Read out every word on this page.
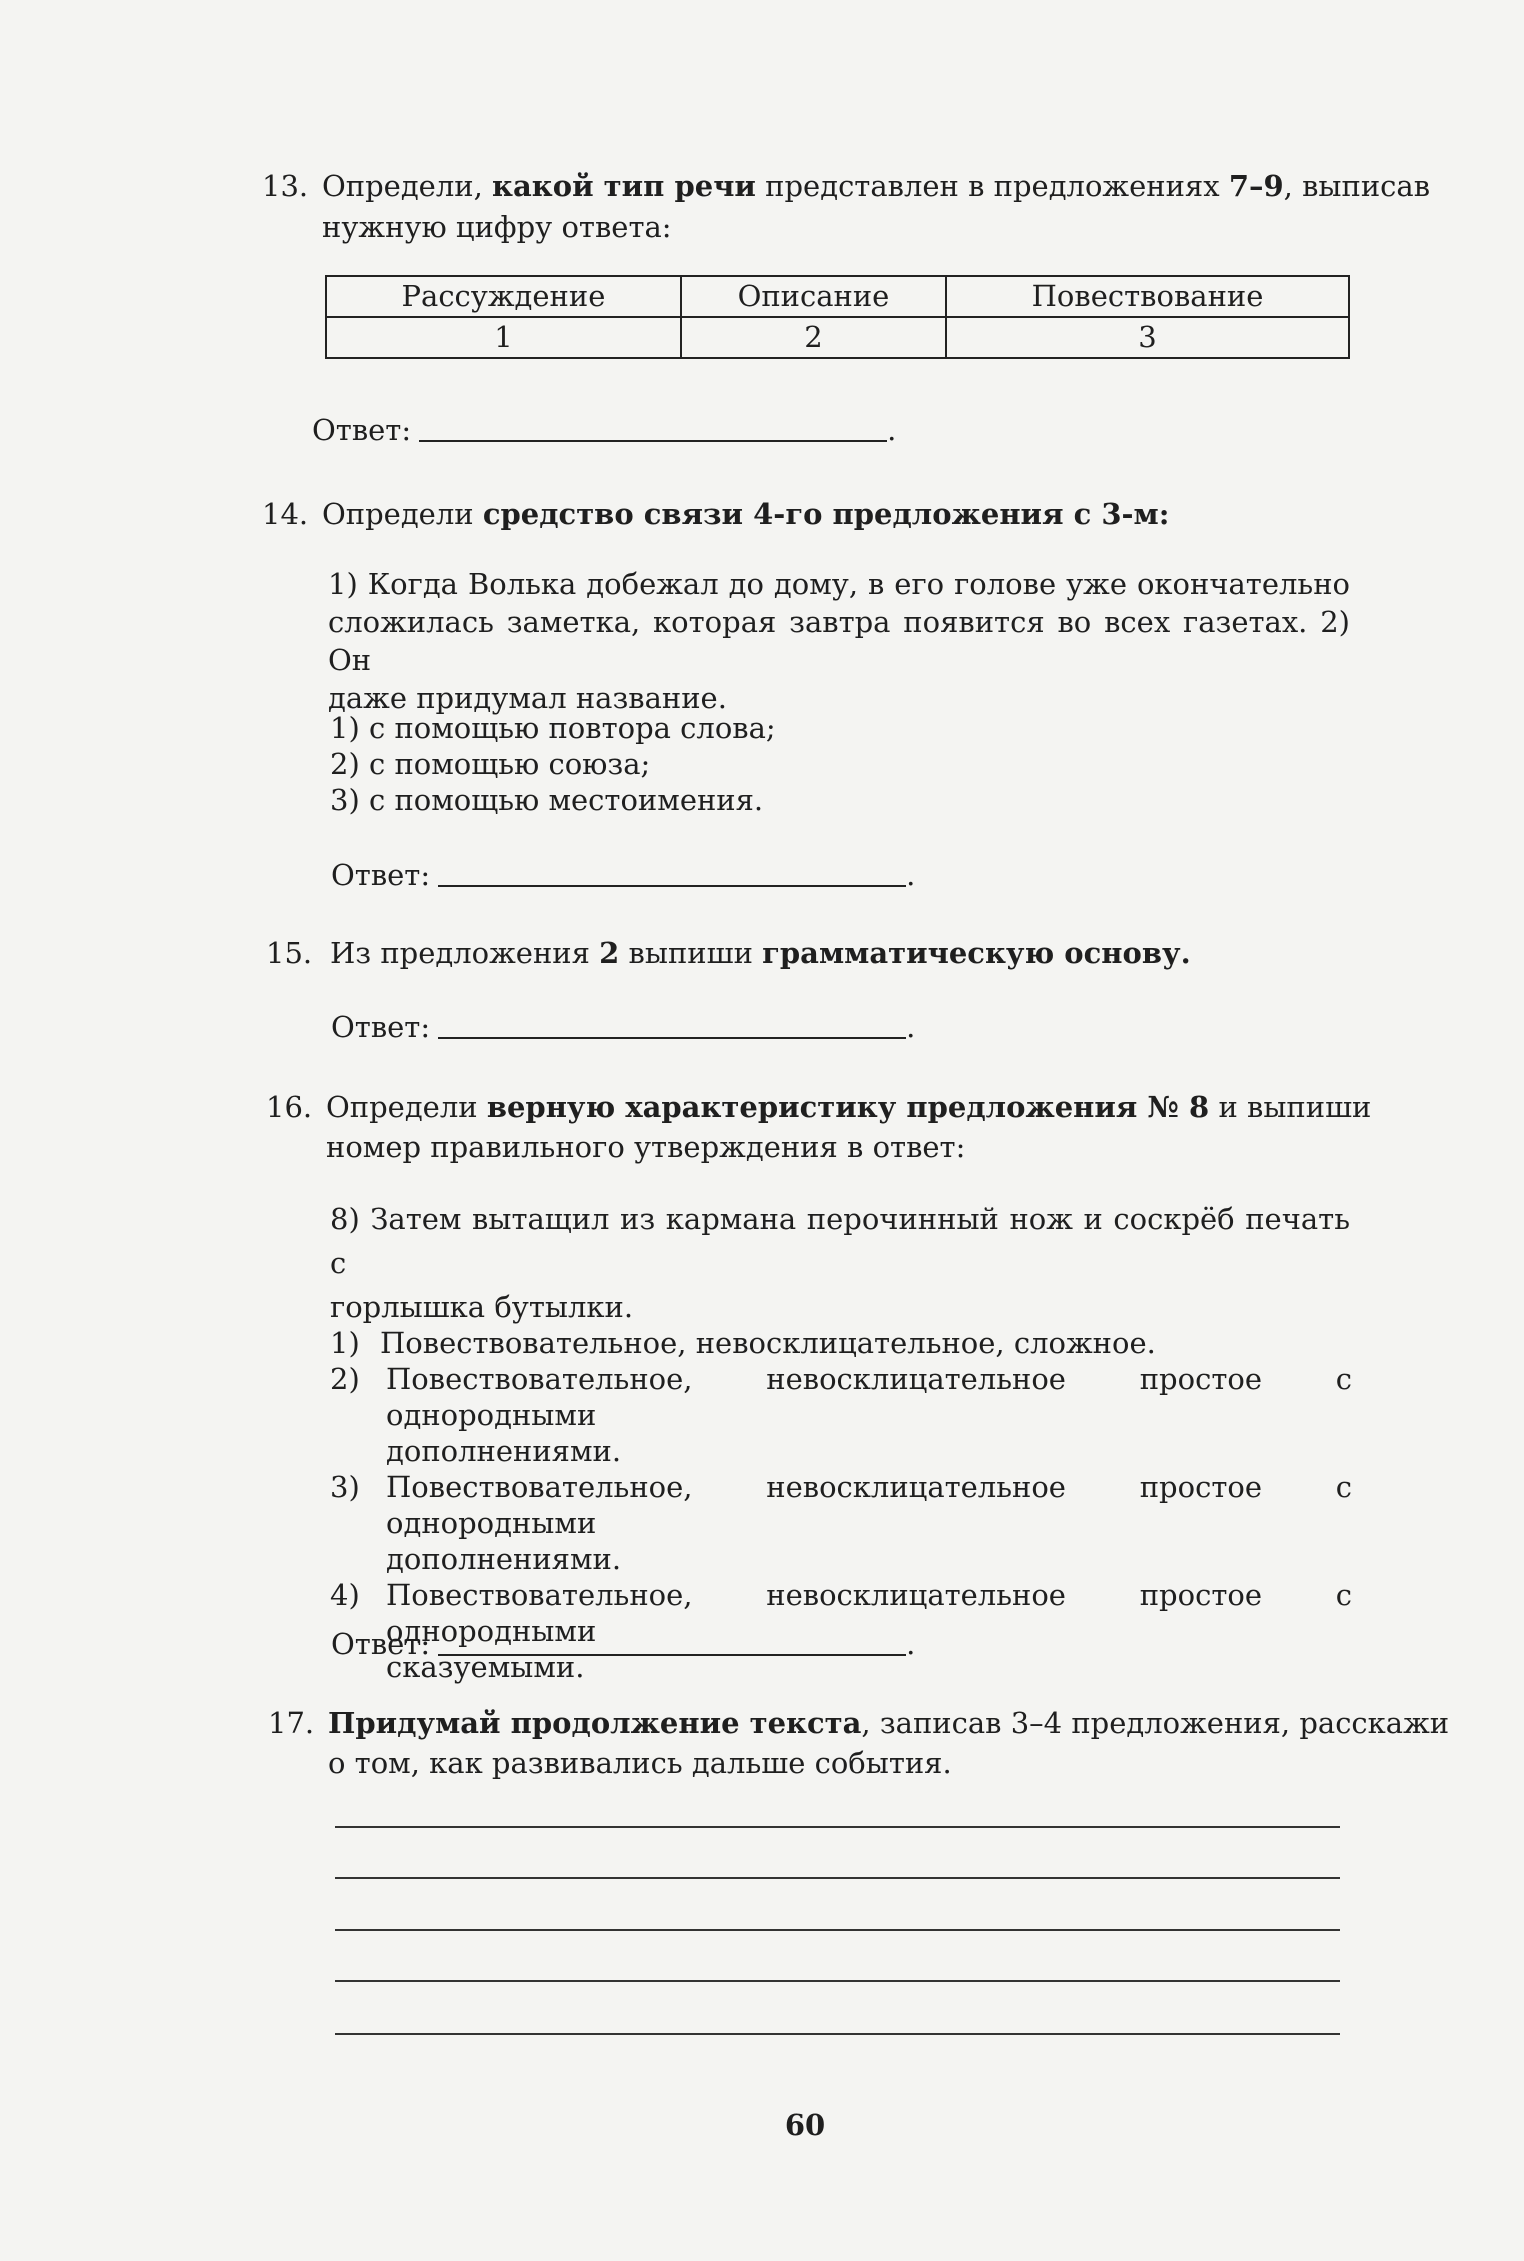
13. Определи, какой тип речи представлен в предложениях 7–9, выписав
нужную цифру ответа:
Рассуждение	Описание	Повествование
1	2	3
Ответ:	.
14. Определи средство связи 4-го предложения с 3-м:
1) Когда Волька добежал до дому, в его голове уже окончательно
сложилась заметка, которая завтра появится во всех газетах. 2) Он
даже придумал название.
1) с помощью повтора слова;
2) с помощью союза;
3) с помощью местоимения.
Ответ:	.
15. Из предложения 2 выпиши грамматическую основу.
Ответ:	.
16. Определи верную характеристику предложения № 8 и выпиши
номер правильного утверждения в ответ:
8) Затем вытащил из кармана перочинный нож и соскрёб печать с
горлышка бутылки.
1) Повествовательное, невосклицательное, сложное.
2) Повествовательное, невосклицательное простое с однородными
дополнениями.
3) Повествовательное, невосклицательное простое с однородными
дополнениями.
4) Повествовательное, невосклицательное простое с однородными
сказуемыми.
Ответ:	.
17. Придумай продолжение текста, записав 3–4 предложения, расскажи
о том, как развивались дальше события.
60
